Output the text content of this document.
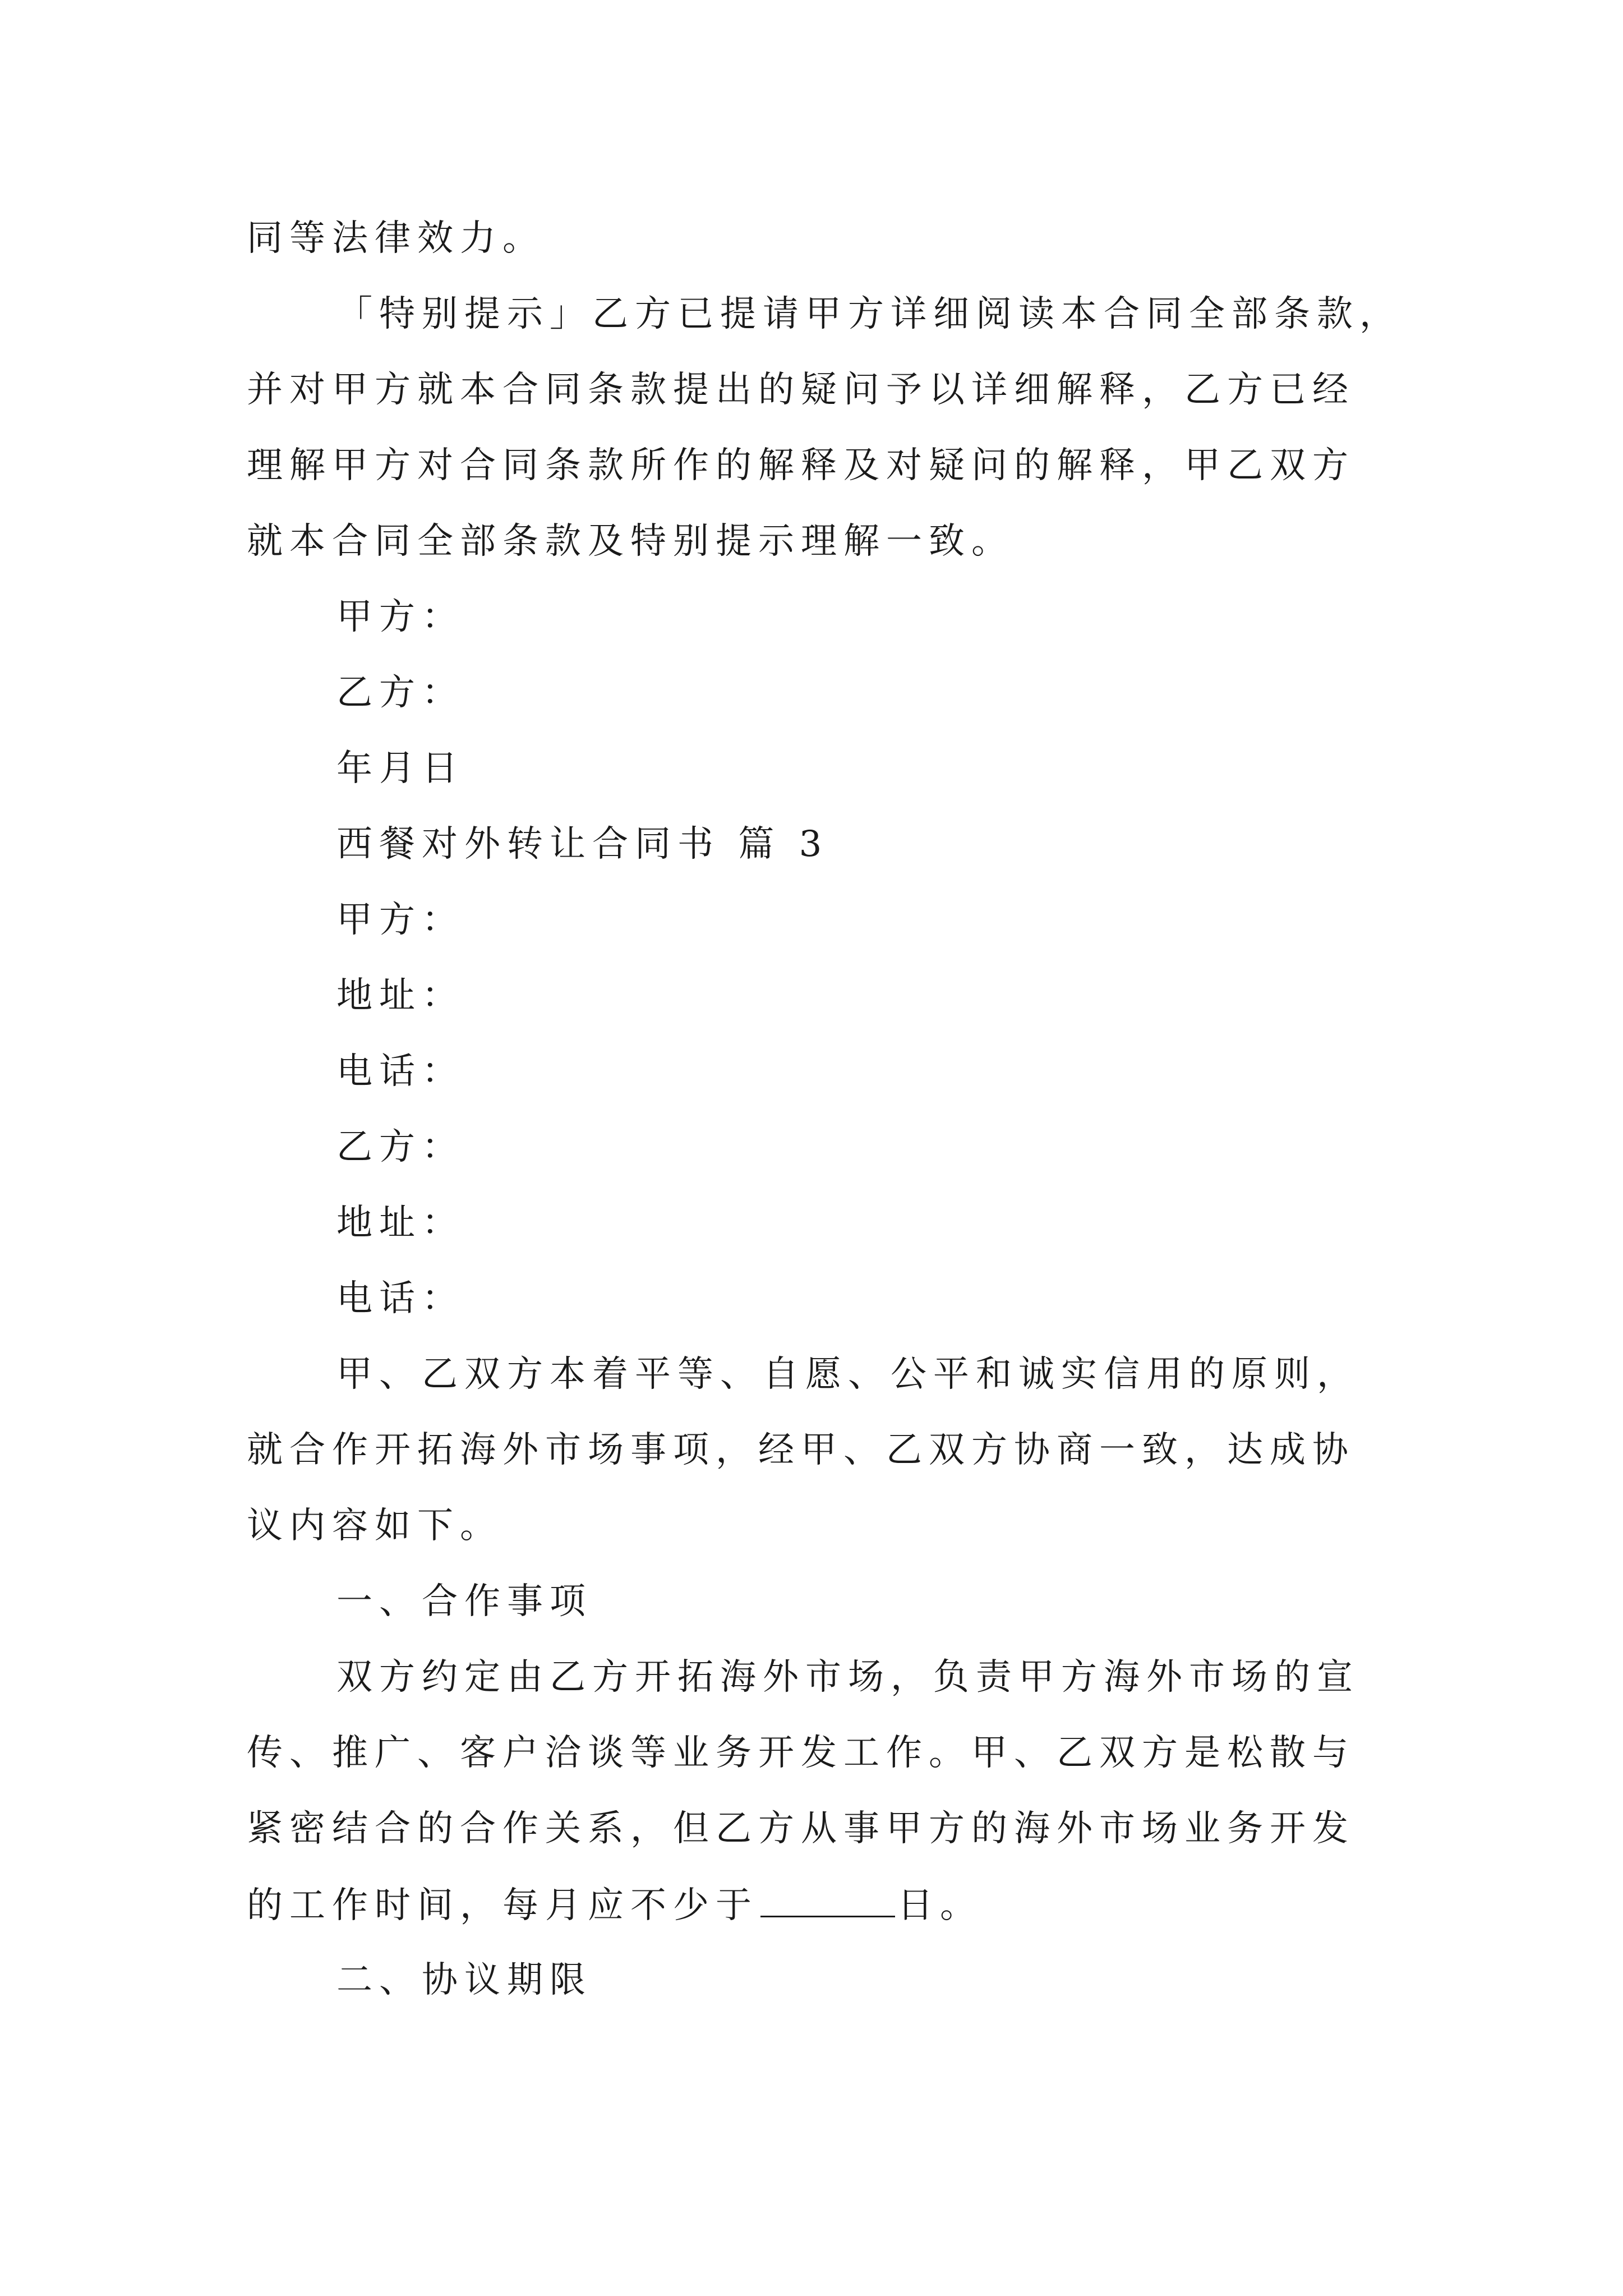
同等法律效力。
「特别提示」乙方已提请甲方详细阅读本合同全部条款，
并对甲方就本合同条款提出的疑问予以详细解释，乙方已经
理解甲方对合同条款所作的解释及对疑问的解释，甲乙双方
就本合同全部条款及特别提示理解一致。
甲方：
乙方：
年月日
西餐对外转让合同书 篇 3
甲方：
地址：
电话：
乙方：
地址：
电话：
甲、乙双方本着平等、自愿、公平和诚实信用的原则，
就合作开拓海外市场事项，经甲、乙双方协商一致，达成协
议内容如下。
一、合作事项
双方约定由乙方开拓海外市场，负责甲方海外市场的宣
传、推广、客户洽谈等业务开发工作。甲、乙双方是松散与
紧密结合的合作关系，但乙方从事甲方的海外市场业务开发
的工作时间，每月应不少于	日。
二、协议期限
